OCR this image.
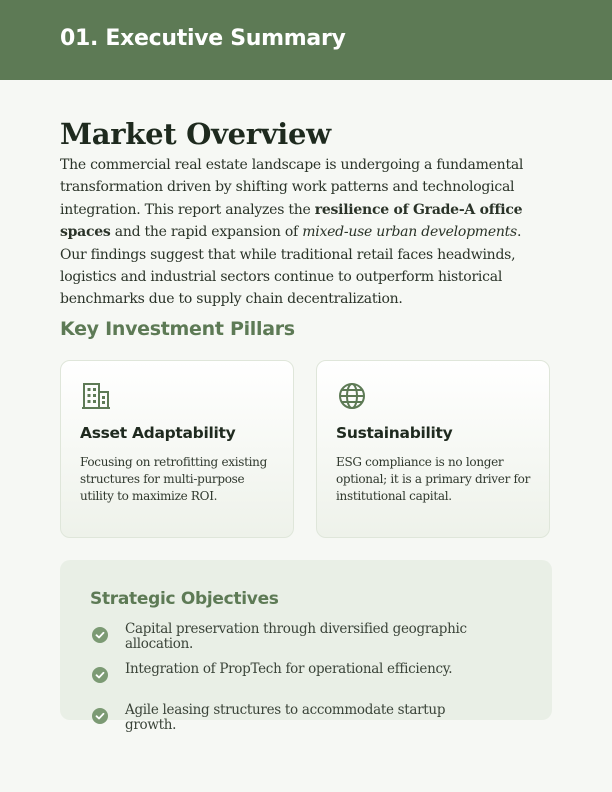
01. Executive Summary
Market Overview

The commercial real estate landscape is undergoing a fundamental transformation driven by shifting work patterns and technological integration. This report analyzes the resilience of Grade-A office spaces and the rapid expansion of mixed-use urban developments.

Our findings suggest that while traditional retail faces headwinds, logistics and industrial sectors continue to outperform historical benchmarks due to supply chain decentralization.

Key Investment Pillars
Asset Adaptability
Focusing on retrofitting existing structures for multi-purpose utility to maximize ROI.
Sustainability
ESG compliance is no longer optional; it is a primary driver for institutional capital.
Strategic Objectives
Capital preservation through diversified geographic allocation.
Integration of PropTech for operational efficiency.
Agile leasing structures to accommodate startup growth.
